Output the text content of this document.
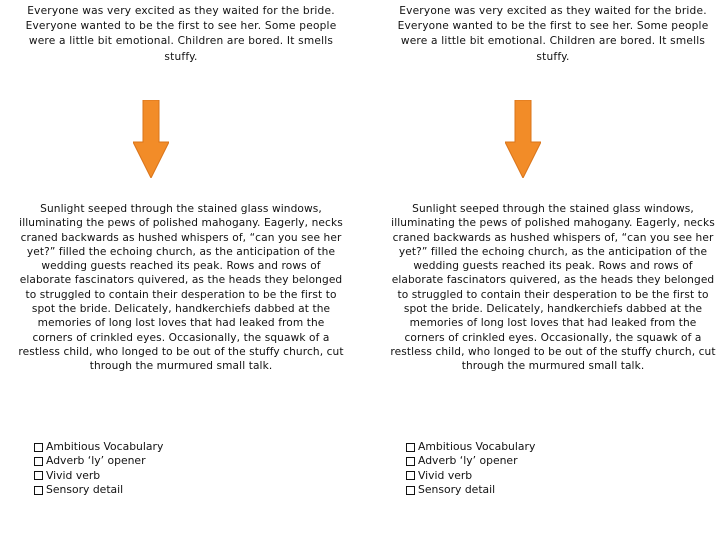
Everyone was very excited as they waited for the bride. Everyone wanted to be the first to see her. Some people were a little bit emotional. Children are bored. It smells stuffy.
Sunlight seeped through the stained glass windows, illuminating the pews of polished mahogany. Eagerly, necks craned backwards as hushed whispers of, “can you see her yet?” filled the echoing church, as the anticipation of the wedding guests reached its peak. Rows and rows of elaborate fascinators quivered, as the heads they belonged to struggled to contain their desperation to be the first to spot the bride. Delicately, handkerchiefs dabbed at the memories of long lost loves that had leaked from the corners of crinkled eyes. Occasionally, the squawk of a restless child, who longed to be out of the stuffy church, cut through the murmured small talk.
Ambitious Vocabulary
Adverb ‘ly’ opener
Vivid verb
Sensory detail
Everyone was very excited as they waited for the bride. Everyone wanted to be the first to see her. Some people were a little bit emotional. Children are bored. It smells stuffy.
Sunlight seeped through the stained glass windows, illuminating the pews of polished mahogany. Eagerly, necks craned backwards as hushed whispers of, “can you see her yet?” filled the echoing church, as the anticipation of the wedding guests reached its peak. Rows and rows of elaborate fascinators quivered, as the heads they belonged to struggled to contain their desperation to be the first to spot the bride. Delicately, handkerchiefs dabbed at the memories of long lost loves that had leaked from the corners of crinkled eyes. Occasionally, the squawk of a restless child, who longed to be out of the stuffy church, cut through the murmured small talk.
Ambitious Vocabulary
Adverb ‘ly’ opener
Vivid verb
Sensory detail
